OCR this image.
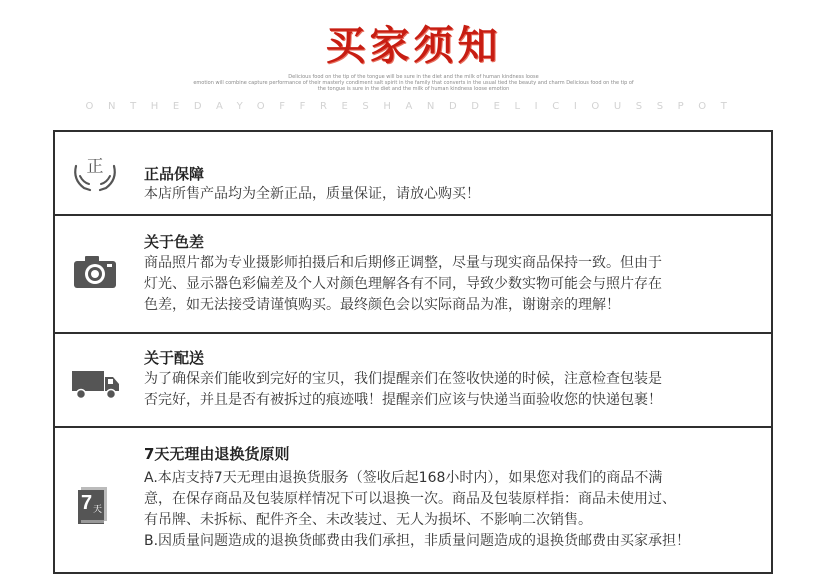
买家须知
Delicious food on the tip of the tongue will be sure in the diet and the milk of human kindness loose
emotion will combine capture performance of their masterly condiment salt spirit in the family that converts in the usual tied the beauty and charm Delicious food on the tip of
the tongue is sure in the diet and the milk of human kindness loose emotion
ONTHEDAYOFFRESHANDDELICIOUSSPOT
正	正品保障

本店所售产品均为全新正品，质量保证，请放心购买！

关于色差

商品照片都为专业摄影师拍摄后和后期修正调整，尽量与现实商品保持一致。但由于
灯光、显示器色彩偏差及个人对颜色理解各有不同，导致少数实物可能会与照片存在
色差，如无法接受请谨慎购买。最终颜色会以实际商品为准，谢谢亲的理解！

关于配送

为了确保亲们能收到完好的宝贝，我们提醒亲们在签收快递的时候，注意检查包装是
否完好，并且是否有被拆过的痕迹哦！提醒亲们应该与快递当面验收您的快递包裹！

7 天
7天无理由退换货原则

A.本店支持7天无理由退换货服务（签收后起168小时内），如果您对我们的商品不满
意，在保存商品及包装原样情况下可以退换一次。商品及包装原样指：商品未使用过、
有吊牌、未拆标、配件齐全、未改装过、无人为损坏、不影响二次销售。
B.因质量问题造成的退换货邮费由我们承担，非质量问题造成的退换货邮费由买家承担！
